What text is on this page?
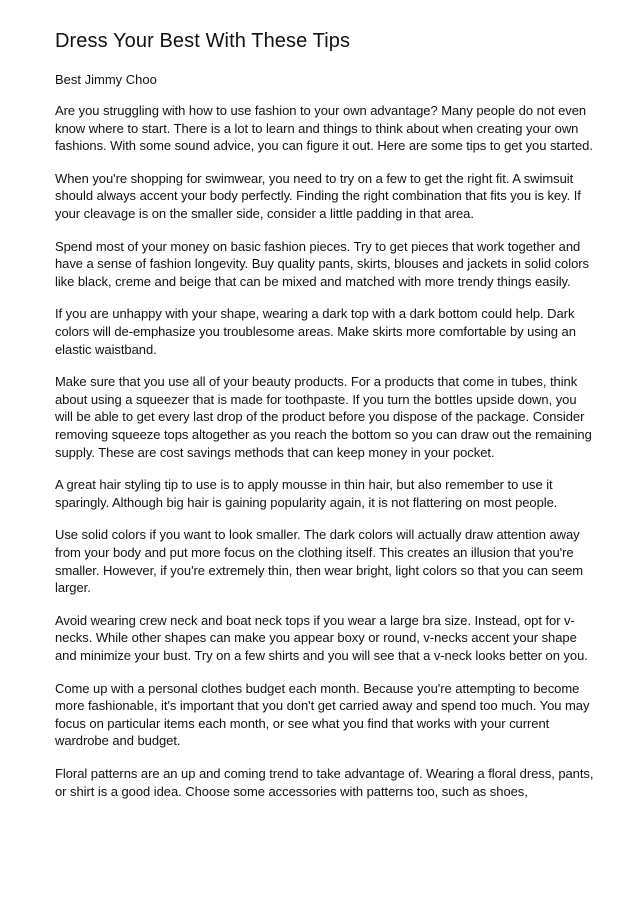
Dress Your Best With These Tips
Best Jimmy Choo

Are you struggling with how to use fashion to your own advantage? Many people do not even know where to start. There is a lot to learn and things to think about when creating your own fashions. With some sound advice, you can figure it out. Here are some tips to get you started.

When you're shopping for swimwear, you need to try on a few to get the right fit. A swimsuit should always accent your body perfectly. Finding the right combination that fits you is key. If your cleavage is on the smaller side, consider a little padding in that area.

Spend most of your money on basic fashion pieces. Try to get pieces that work together and have a sense of fashion longevity. Buy quality pants, skirts, blouses and jackets in solid colors like black, creme and beige that can be mixed and matched with more trendy things easily.

If you are unhappy with your shape, wearing a dark top with a dark bottom could help. Dark colors will de-emphasize you troublesome areas. Make skirts more comfortable by using an elastic waistband.

Make sure that you use all of your beauty products. For a products that come in tubes, think about using a squeezer that is made for toothpaste. If you turn the bottles upside down, you will be able to get every last drop of the product before you dispose of the package. Consider removing squeeze tops altogether as you reach the bottom so you can draw out the remaining supply. These are cost savings methods that can keep money in your pocket.

A great hair styling tip to use is to apply mousse in thin hair, but also remember to use it sparingly. Although big hair is gaining popularity again, it is not flattering on most people.

Use solid colors if you want to look smaller. The dark colors will actually draw attention away from your body and put more focus on the clothing itself. This creates an illusion that you're smaller. However, if you're extremely thin, then wear bright, light colors so that you can seem larger.

Avoid wearing crew neck and boat neck tops if you wear a large bra size. Instead, opt for v-necks. While other shapes can make you appear boxy or round, v-necks accent your shape and minimize your bust. Try on a few shirts and you will see that a v-neck looks better on you.

Come up with a personal clothes budget each month. Because you're attempting to become more fashionable, it's important that you don't get carried away and spend too much. You may focus on particular items each month, or see what you find that works with your current wardrobe and budget.

Floral patterns are an up and coming trend to take advantage of. Wearing a floral dress, pants, or shirt is a good idea. Choose some accessories with patterns too, such as shoes,
